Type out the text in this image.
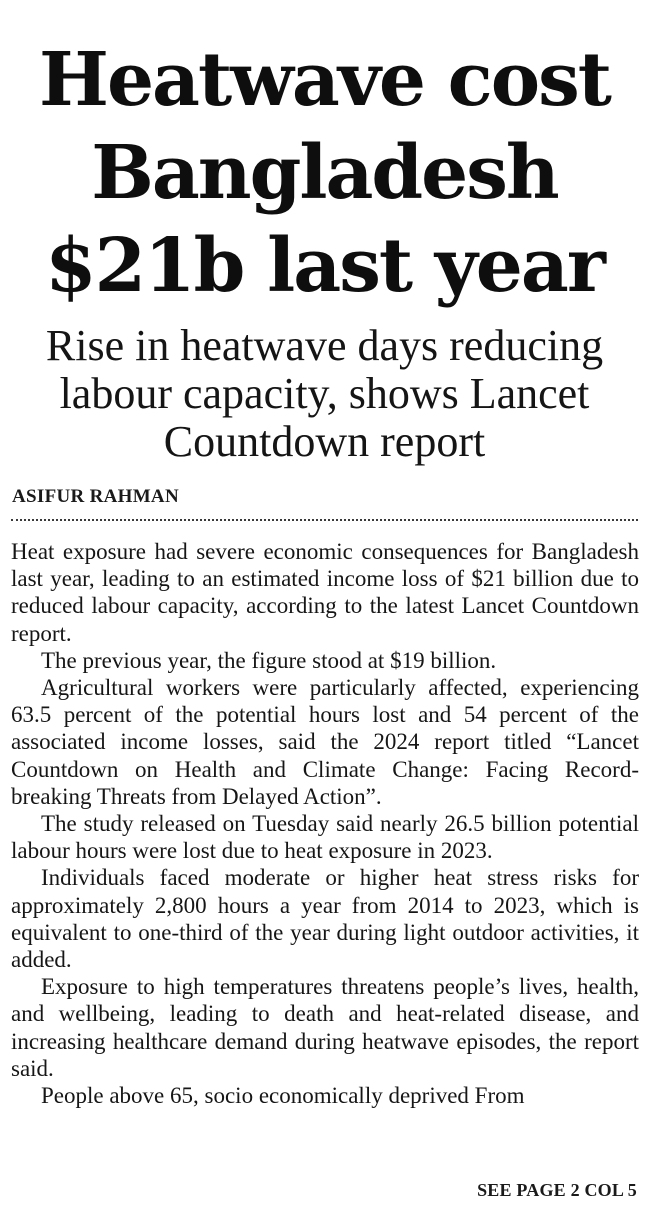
Heatwave cost Bangladesh $21b last year
Rise in heatwave days reducing labour capacity, shows Lancet Countdown report
ASIFUR RAHMAN

Heat exposure had severe economic consequences for Bangladesh last year, leading to an estimated income loss of $21 billion due to reduced labour capacity, according to the latest Lancet Countdown report.

The previous year, the figure stood at $19 billion.

Agricultural workers were particularly affected, experiencing 63.5 percent of the potential hours lost and 54 percent of the associated income losses, said the 2024 report titled “Lancet Countdown on Health and Climate Change: Facing Record-breaking Threats from Delayed Action”.

The study released on Tuesday said nearly 26.5 billion potential labour hours were lost due to heat exposure in 2023.

Individuals faced moderate or higher heat stress risks for approximately 2,800 hours a year from 2014 to 2023, which is equivalent to one-third of the year during light outdoor activities, it added.

Exposure to high temperatures threatens people’s lives, health, and wellbeing, leading to death and heat-related disease, and increasing healthcare demand during heatwave episodes, the report said.

People above 65, socio economically deprived From

SEE PAGE 2 COL 5
